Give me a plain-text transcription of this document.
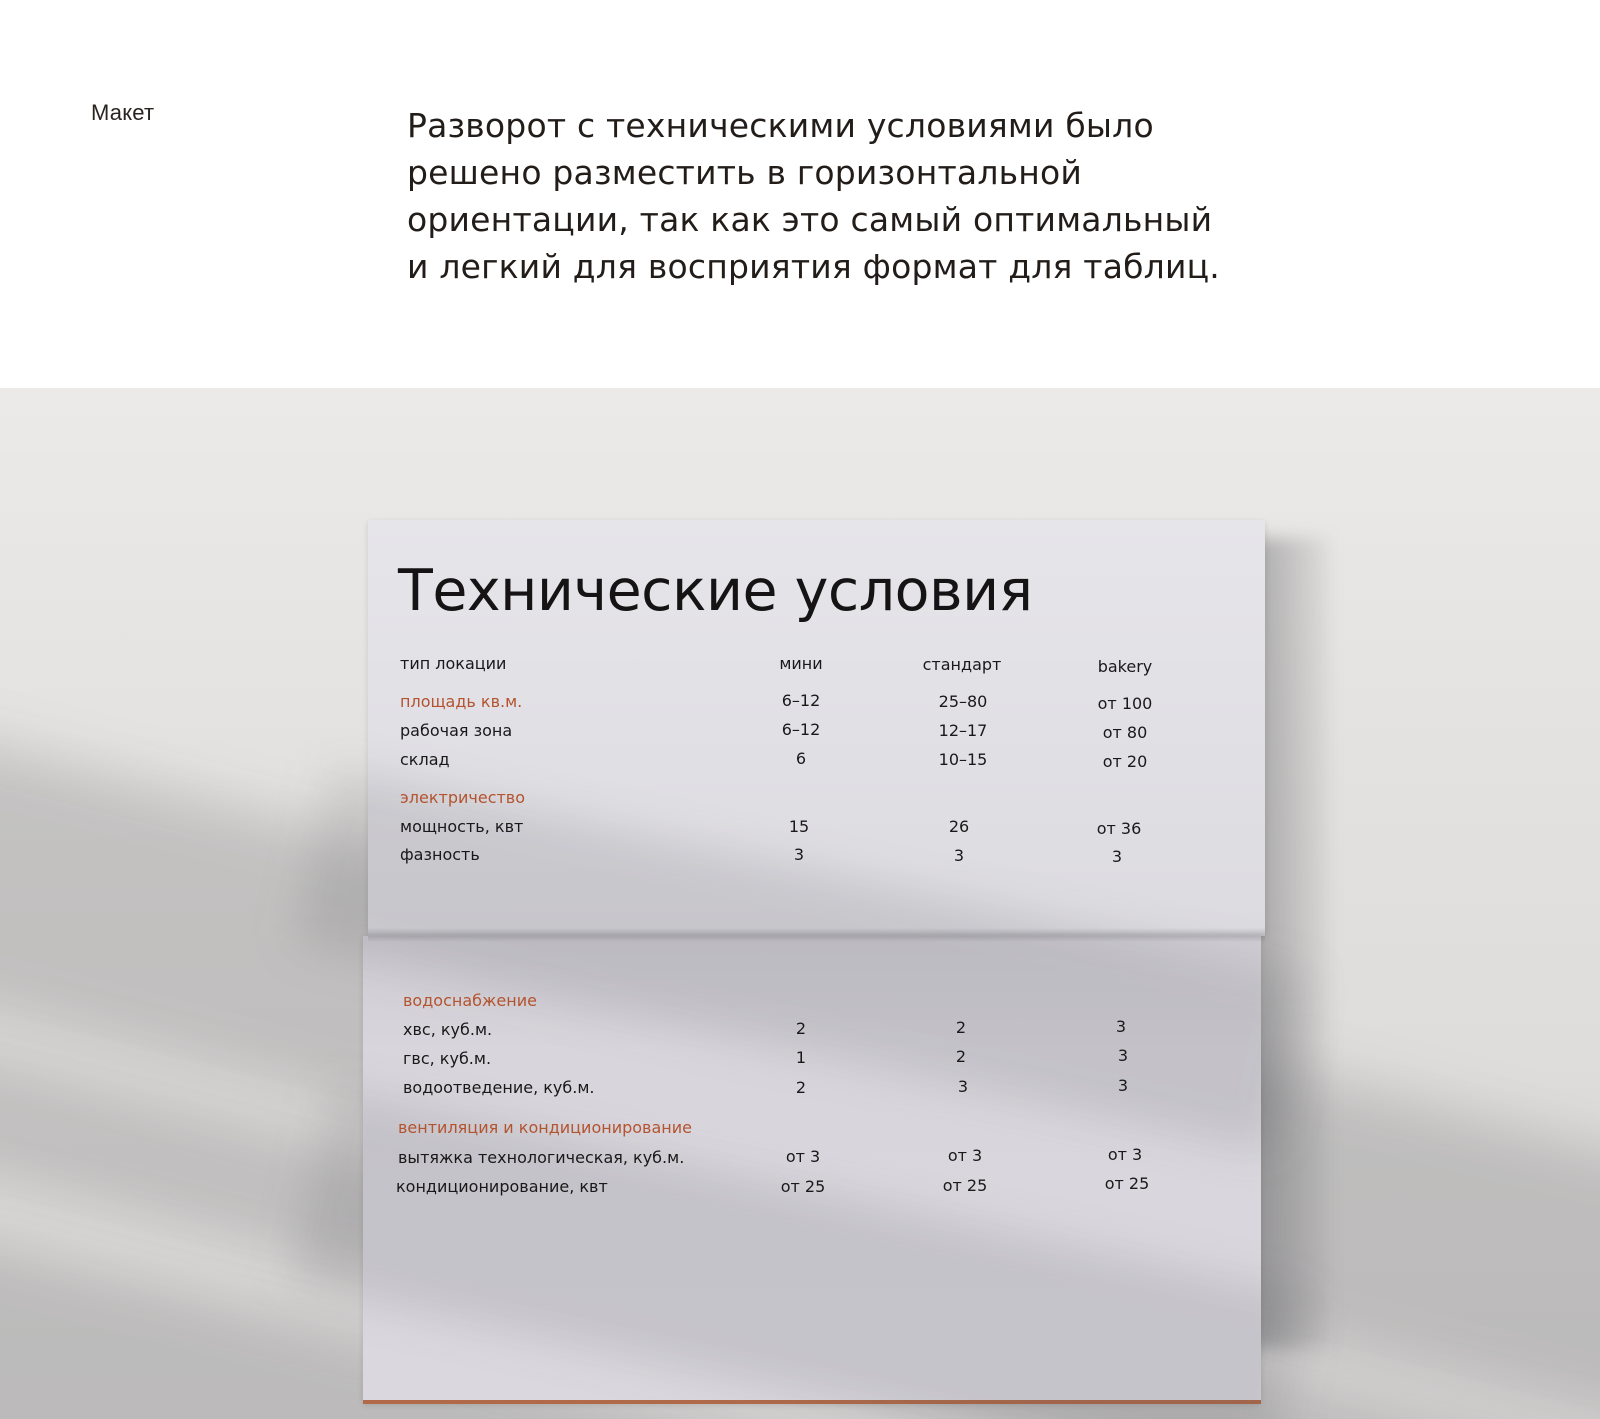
Макет	Разворот с техническими условиями было
решено разместить в горизонтальной
ориентации, так как это самый оптимальный
и легкий для восприятия формат для таблиц.
Технические условия
тип локации	мини	стандарт	bakery
площадь кв.м.	6–12	25–80	от 100
рабочая зона	6–12	12–17	от 80
склад	6	10–15	от 20
электричество
мощность, квт	15	26	от 36
фазность	3	3	3
водоснабжение
хвс, куб.м.	2	2	3
гвс, куб.м.	1	2	3
водоотведение, куб.м.	2	3	3
вентиляция и кондиционирование
вытяжка технологическая, куб.м.	от 3	от 3	от 3
кондиционирование, квт	от 25	от 25	от 25
